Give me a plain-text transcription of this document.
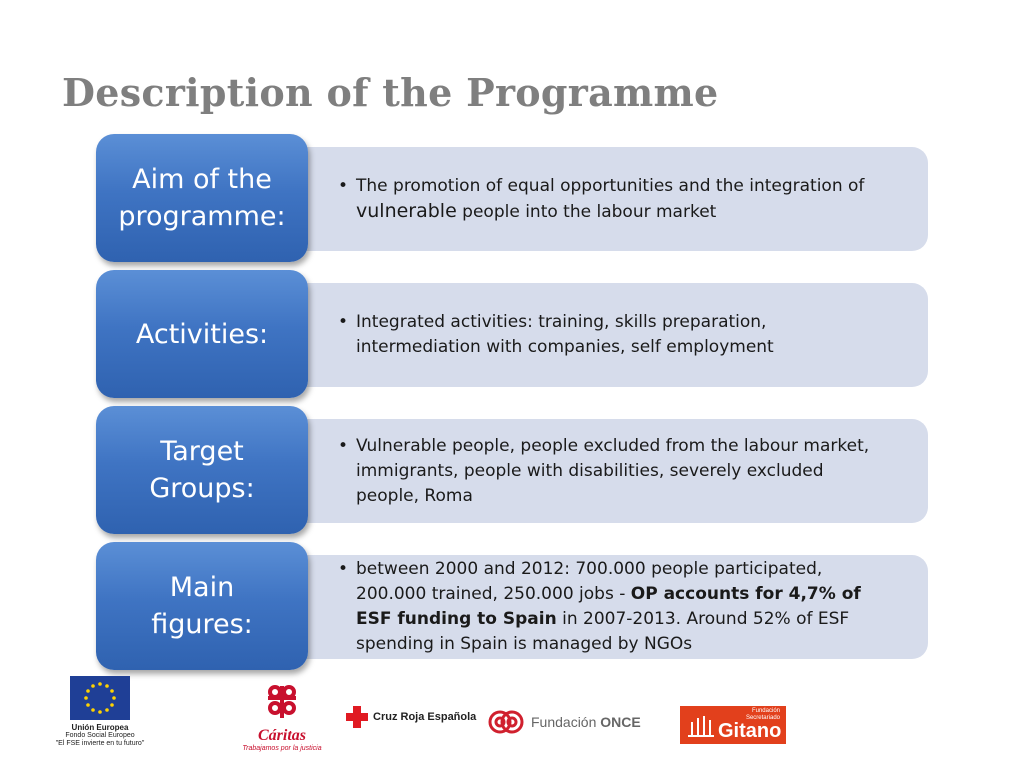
Description of the Programme
Aim of the
programme:
• The promotion of equal opportunities and the integration of vulnerable people into the labour market
Activities:	• Integrated activities: training, skills preparation, intermediation with companies, self employment
Target
Groups:
• Vulnerable people, people excluded from the labour market, immigrants, people with disabilities, severely excluded people, Roma
Main
figures:
• between 2000 and 2012: 700.000 people participated, 200.000 trained, 250.000 jobs - OP accounts for 4,7% of ESF funding to Spain in 2007-2013. Around 52% of ESF spending in Spain is managed by NGOs
Unión Europea
Fondo Social Europeo
"El FSE invierte en tu futuro"	Cáritas
Trabajamos por la justicia
Cruz Roja Española	Fundación ONCE
Fundación
Secretariado
Gitano
